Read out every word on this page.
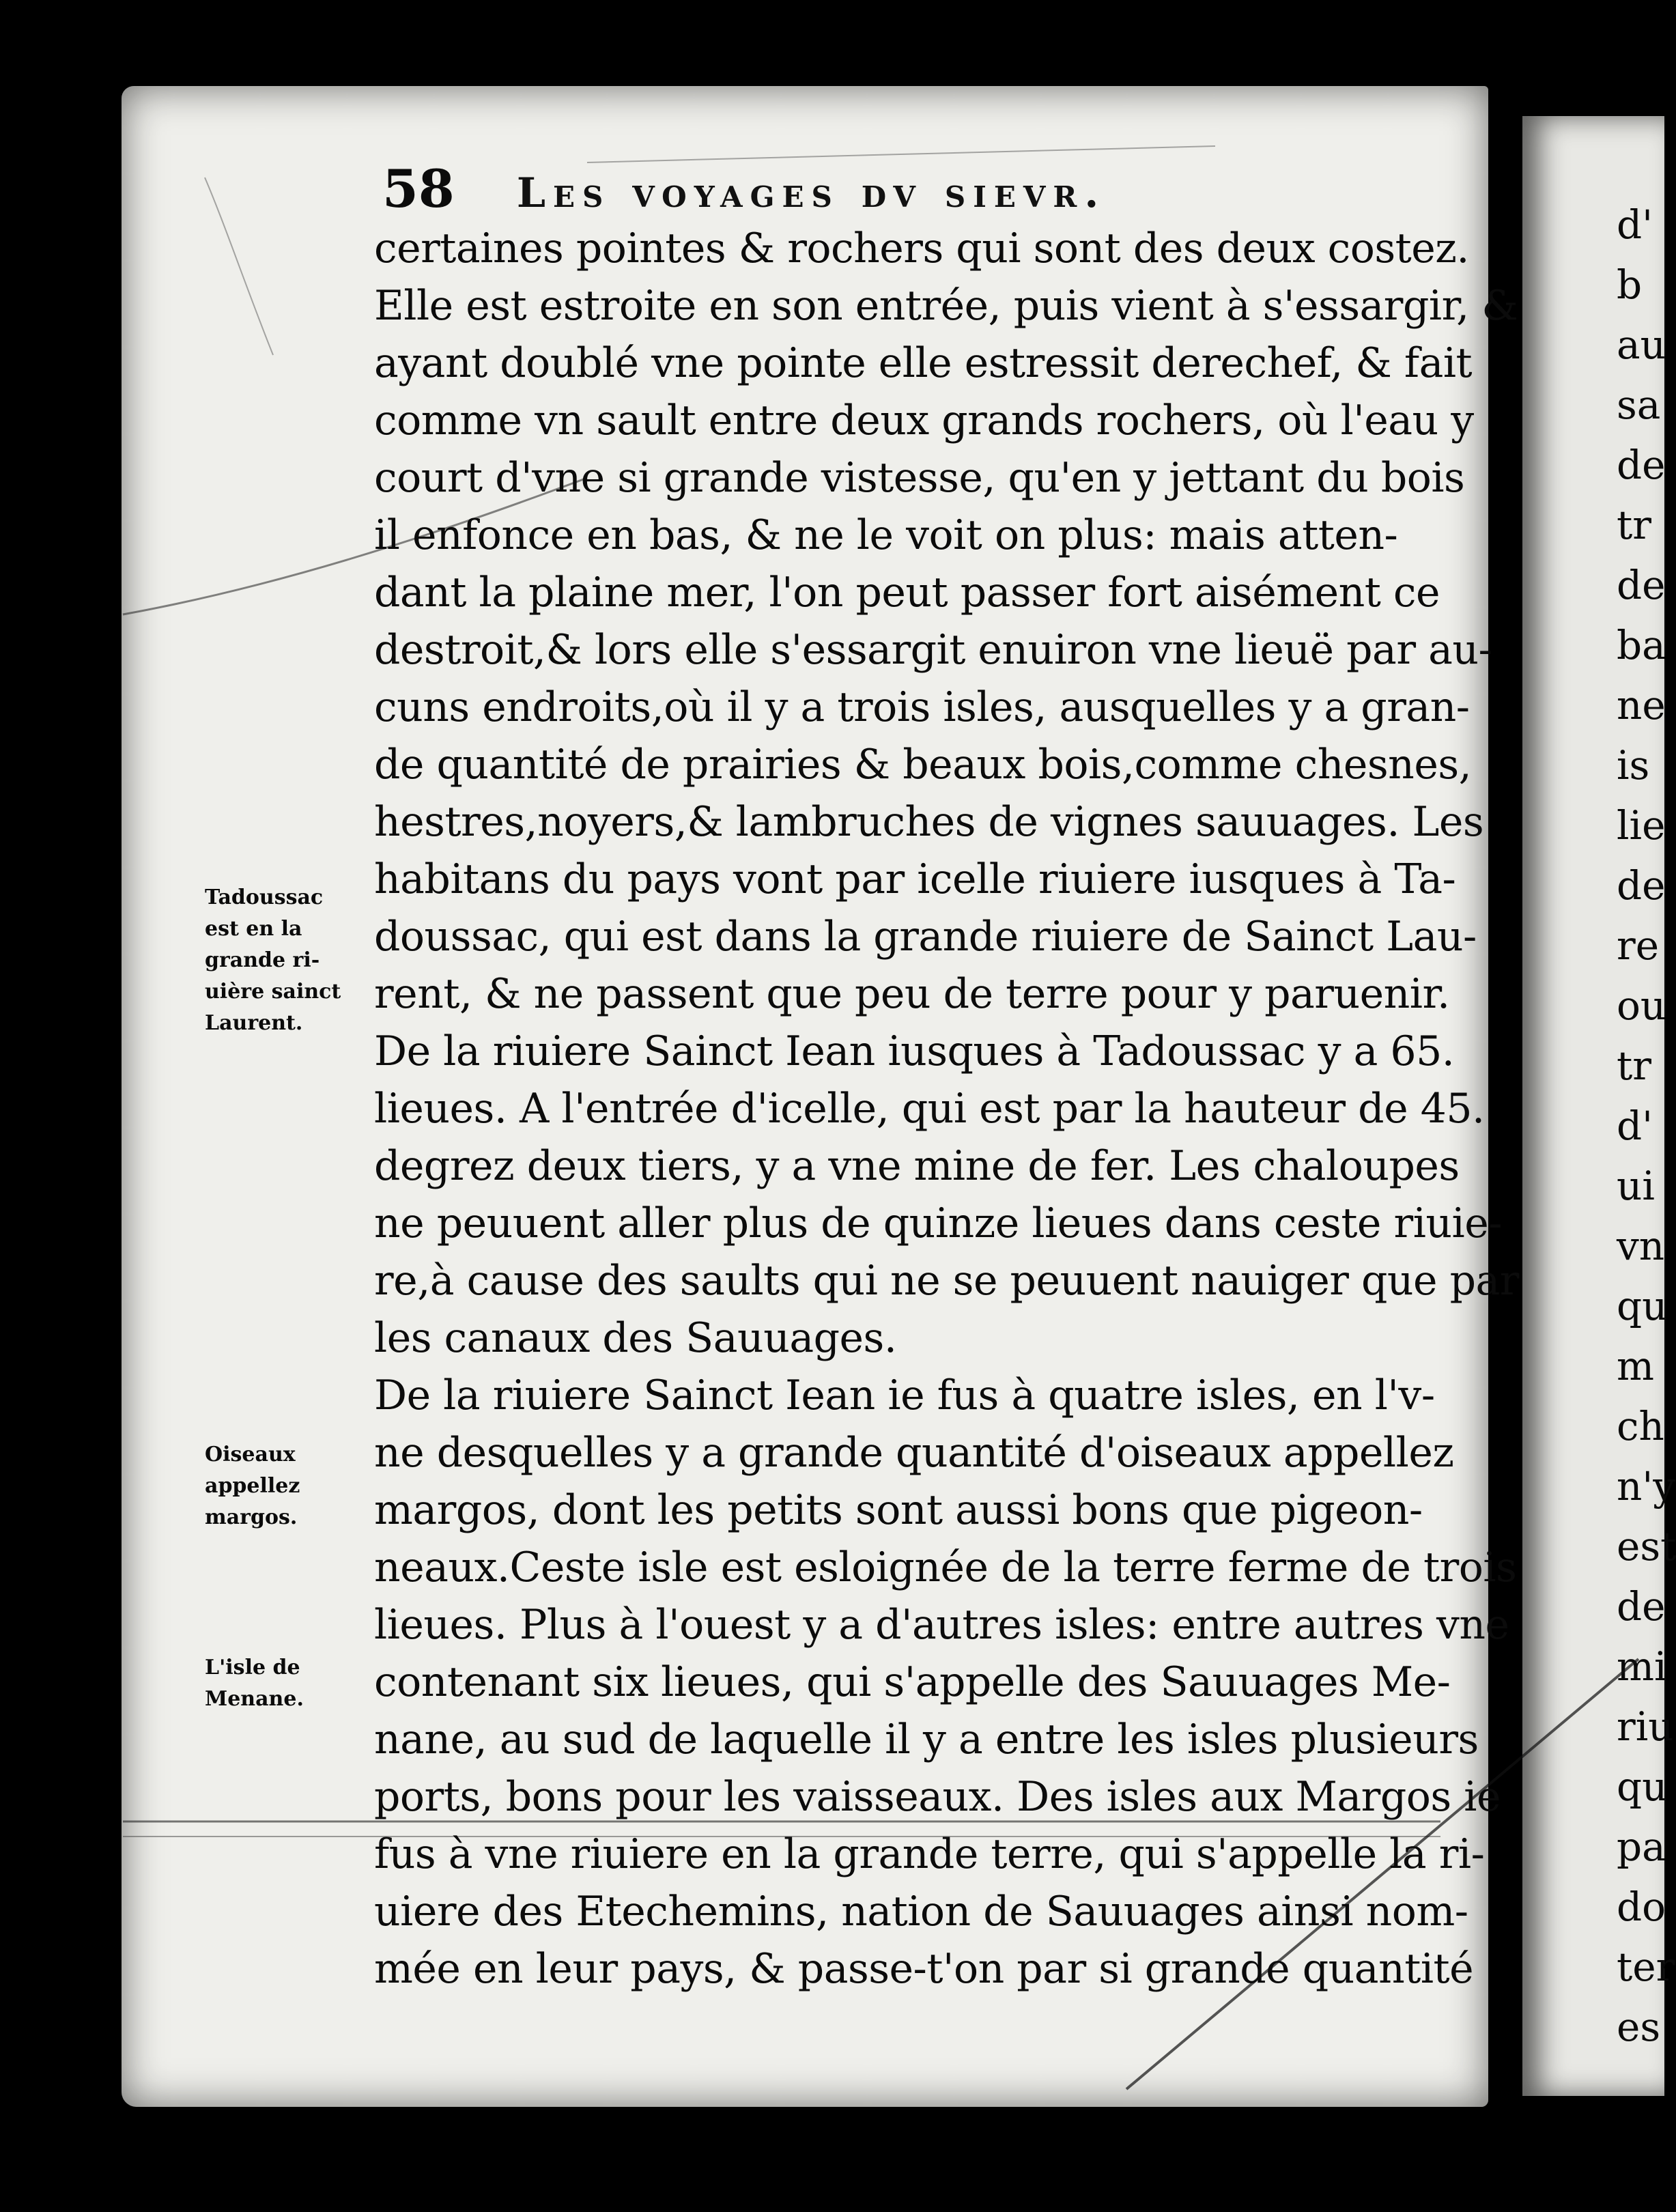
d'
b
au
sa
de
tr
de
ba
ne
is
lie
de
re
ou
tr
d'
ui
vn
qu
m
ch
n'y
est
de
mi
riu
qu
pa
do
ter
es
58 Les voyages dv sievr.
certaines pointes & rochers qui sont des deux costez.
Elle est estroite en son entrée, puis vient à s'essargir, &
ayant doublé vne pointe elle estressit derechef, & fait
comme vn sault entre deux grands rochers, où l'eau y
court d'vne si grande vistesse, qu'en y jettant du bois
il enfonce en bas, & ne le voit on plus: mais atten-
dant la plaine mer, l'on peut passer fort aisément ce
destroit,& lors elle s'essargit enuiron vne lieuë par au-
cuns endroits,où il y a trois isles, ausquelles y a gran-
de quantité de prairies & beaux bois,comme chesnes,
hestres,noyers,& lambruches de vignes sauuages. Les
habitans du pays vont par icelle riuiere iusques à Ta-
doussac, qui est dans la grande riuiere de Sainct Lau-
rent, & ne passent que peu de terre pour y paruenir.
De la riuiere Sainct Iean iusques à Tadoussac y a 65.
lieues. A l'entrée d'icelle, qui est par la hauteur de 45.
degrez deux tiers, y a vne mine de fer. Les chaloupes
ne peuuent aller plus de quinze lieues dans ceste riuie-
re,à cause des saults qui ne se peuuent nauiger que par
les canaux des Sauuages.
De la riuiere Sainct Iean ie fus à quatre isles, en l'v-
ne desquelles y a grande quantité d'oiseaux appellez
margos, dont les petits sont aussi bons que pigeon-
neaux.Ceste isle est esloignée de la terre ferme de trois
lieues. Plus à l'ouest y a d'autres isles: entre autres vne
contenant six lieues, qui s'appelle des Sauuages Me-
nane, au sud de laquelle il y a entre les isles plusieurs
ports, bons pour les vaisseaux. Des isles aux Margos ie
fus à vne riuiere en la grande terre, qui s'appelle la ri-
uiere des Etechemins, nation de Sauuages ainsi nom-
mée en leur pays, & passe-t'on par si grande quantité
Tadoussac
est en la
grande ri-
uière sainct
Laurent.
Oiseaux
appellez
margos.
L'isle de
Menane.
